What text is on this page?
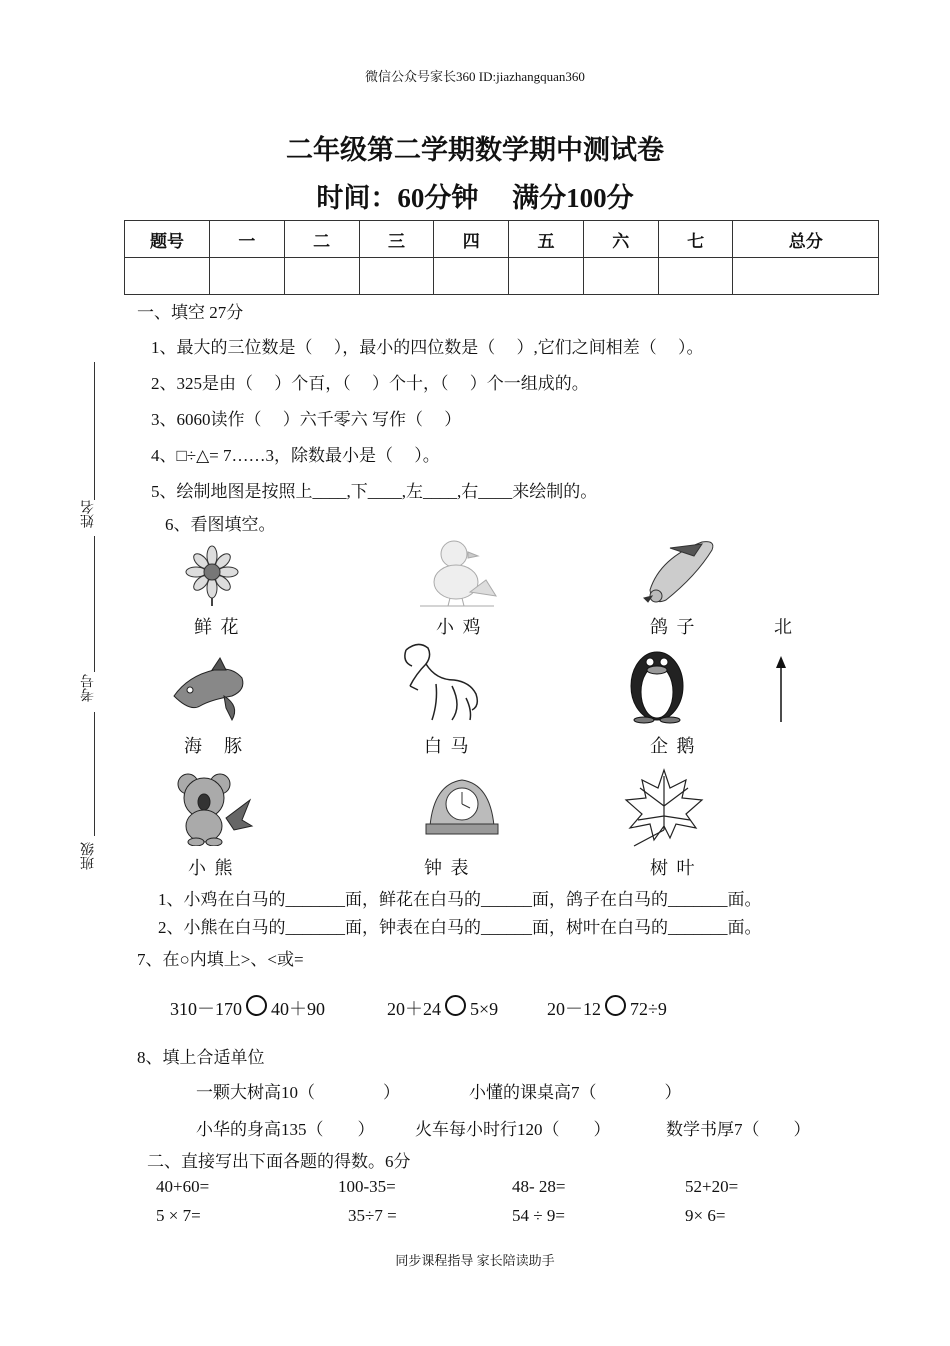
微信公众号家长360 ID:jiazhangquan360
二年级第二学期数学期中测试卷
时间：60分钟　 满分100分
题号	一	二	三	四	五	六	七	总分

姓名
考号
班级
一、填空 27分
1、最大的三位数是（　 ），最小的四位数是（　 ）,它们之间相差（　 ）。
2、325是由（　 ）个百，（　 ）个十，（　 ）个一组成的。
3、6060读作（　 ）六千零六 写作（　 ）
4、□÷△= 7……3，除数最小是（　 ）。
5、绘制地图是按照上____,下____,左____,右____来绘制的。
6、看图填空。
鲜 花	小 鸡	鸽 子	北
海　豚	白 马	企 鹅
小 熊	钟 表	树 叶
1、小鸡在白马的_______面，鲜花在白马的______面，鸽子在白马的_______面。
2、小熊在白马的_______面，钟表在白马的______面，树叶在白马的_______面。
7、在○内填上>、<或=
310－170 40＋90	20＋24 5×9	20－12 72÷9
8、填上合适单位
一颗大树高10（　　　　）	小懂的课桌高7（　　　　）
小华的身高135（　　） 火车每小时行120（　　）	数学书厚7（　　）
二、直接写出下面各题的得数。6分
40+60=	100-35=	48- 28=	52+20=
5 × 7=	35÷7 =	54 ÷ 9=	9× 6=
同步课程指导 家长陪读助手
